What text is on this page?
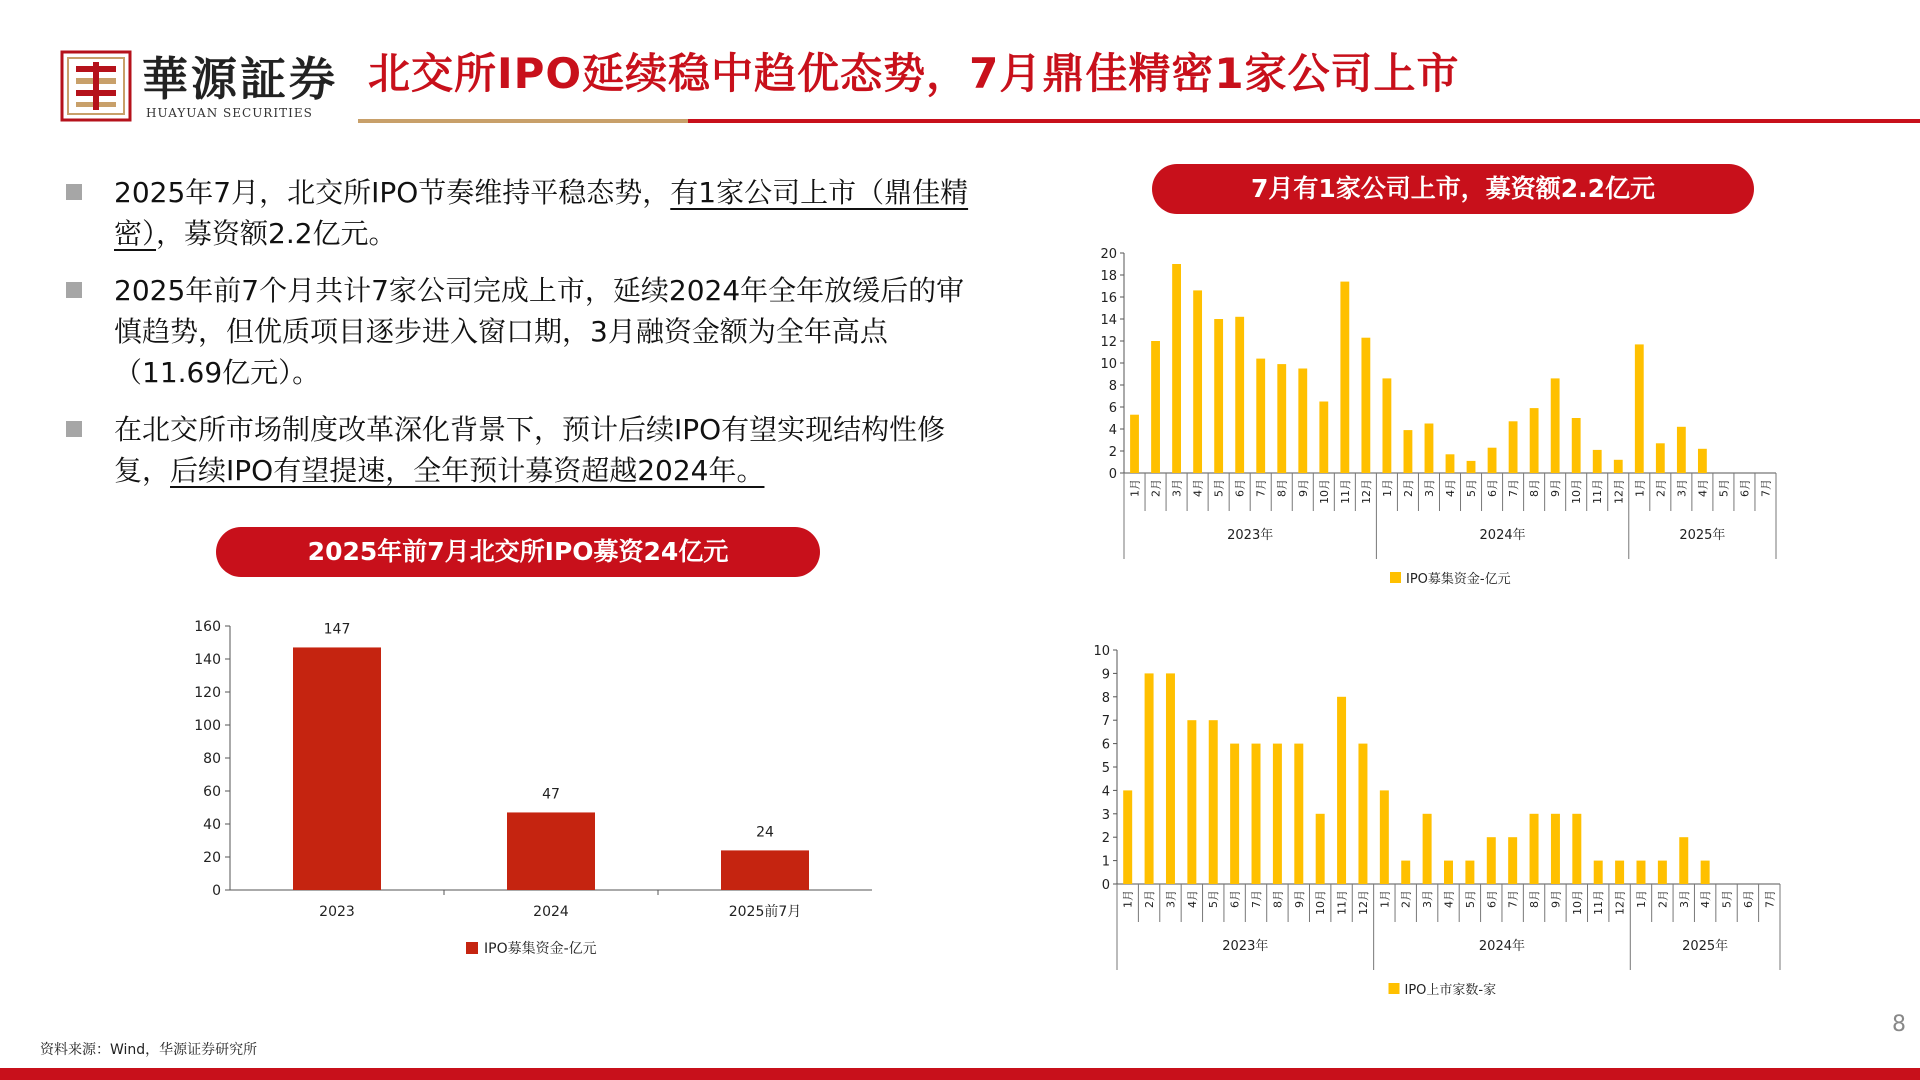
華源証券
HUAYUAN SECURITIES
北交所IPO延续稳中趋优态势，7月鼎佳精密1家公司上市
2025年7月，北交所IPO节奏维持平稳态势，有1家公司上市（鼎佳精密），募资额2.2亿元。
2025年前7个月共计7家公司完成上市，延续2024年全年放缓后的审慎趋势，但优质项目逐步进入窗口期，3月融资金额为全年高点（11.69亿元）。
在北交所市场制度改革深化背景下，预计后续IPO有望实现结构性修复，后续IPO有望提速，全年预计募资超越2024年。
2025年前7月北交所IPO募资24亿元
7月有1家公司上市，募资额2.2亿元
0
20
40
60
80
100
120
140
160	147
2023
47
2024
24
2025前7月
IPO募集资金-亿元
0
2
4
6
8
10
12
14
16
18
20
1月 2月 3月 4月 5月 6月 7月 8月 9月 10月 11月 12月 1月 2月 3月 4月 5月 6月 7月 8月 9月 10月 11月 12月 1月 2月 3月 4月 5月 6月 7月
2023年	2024年	2025年
IPO募集资金-亿元
0
1
2
3
4
5
6
7
8
9
10
1月 2月 3月 4月 5月 6月 7月 8月 9月 10月 11月 12月 1月 2月 3月 4月 5月 6月 7月 8月 9月 10月 11月 12月 1月 2月 3月 4月 5月 6月 7月
2023年	2024年	2025年
IPO上市家数-家
资料来源：Wind，华源证券研究所
8
